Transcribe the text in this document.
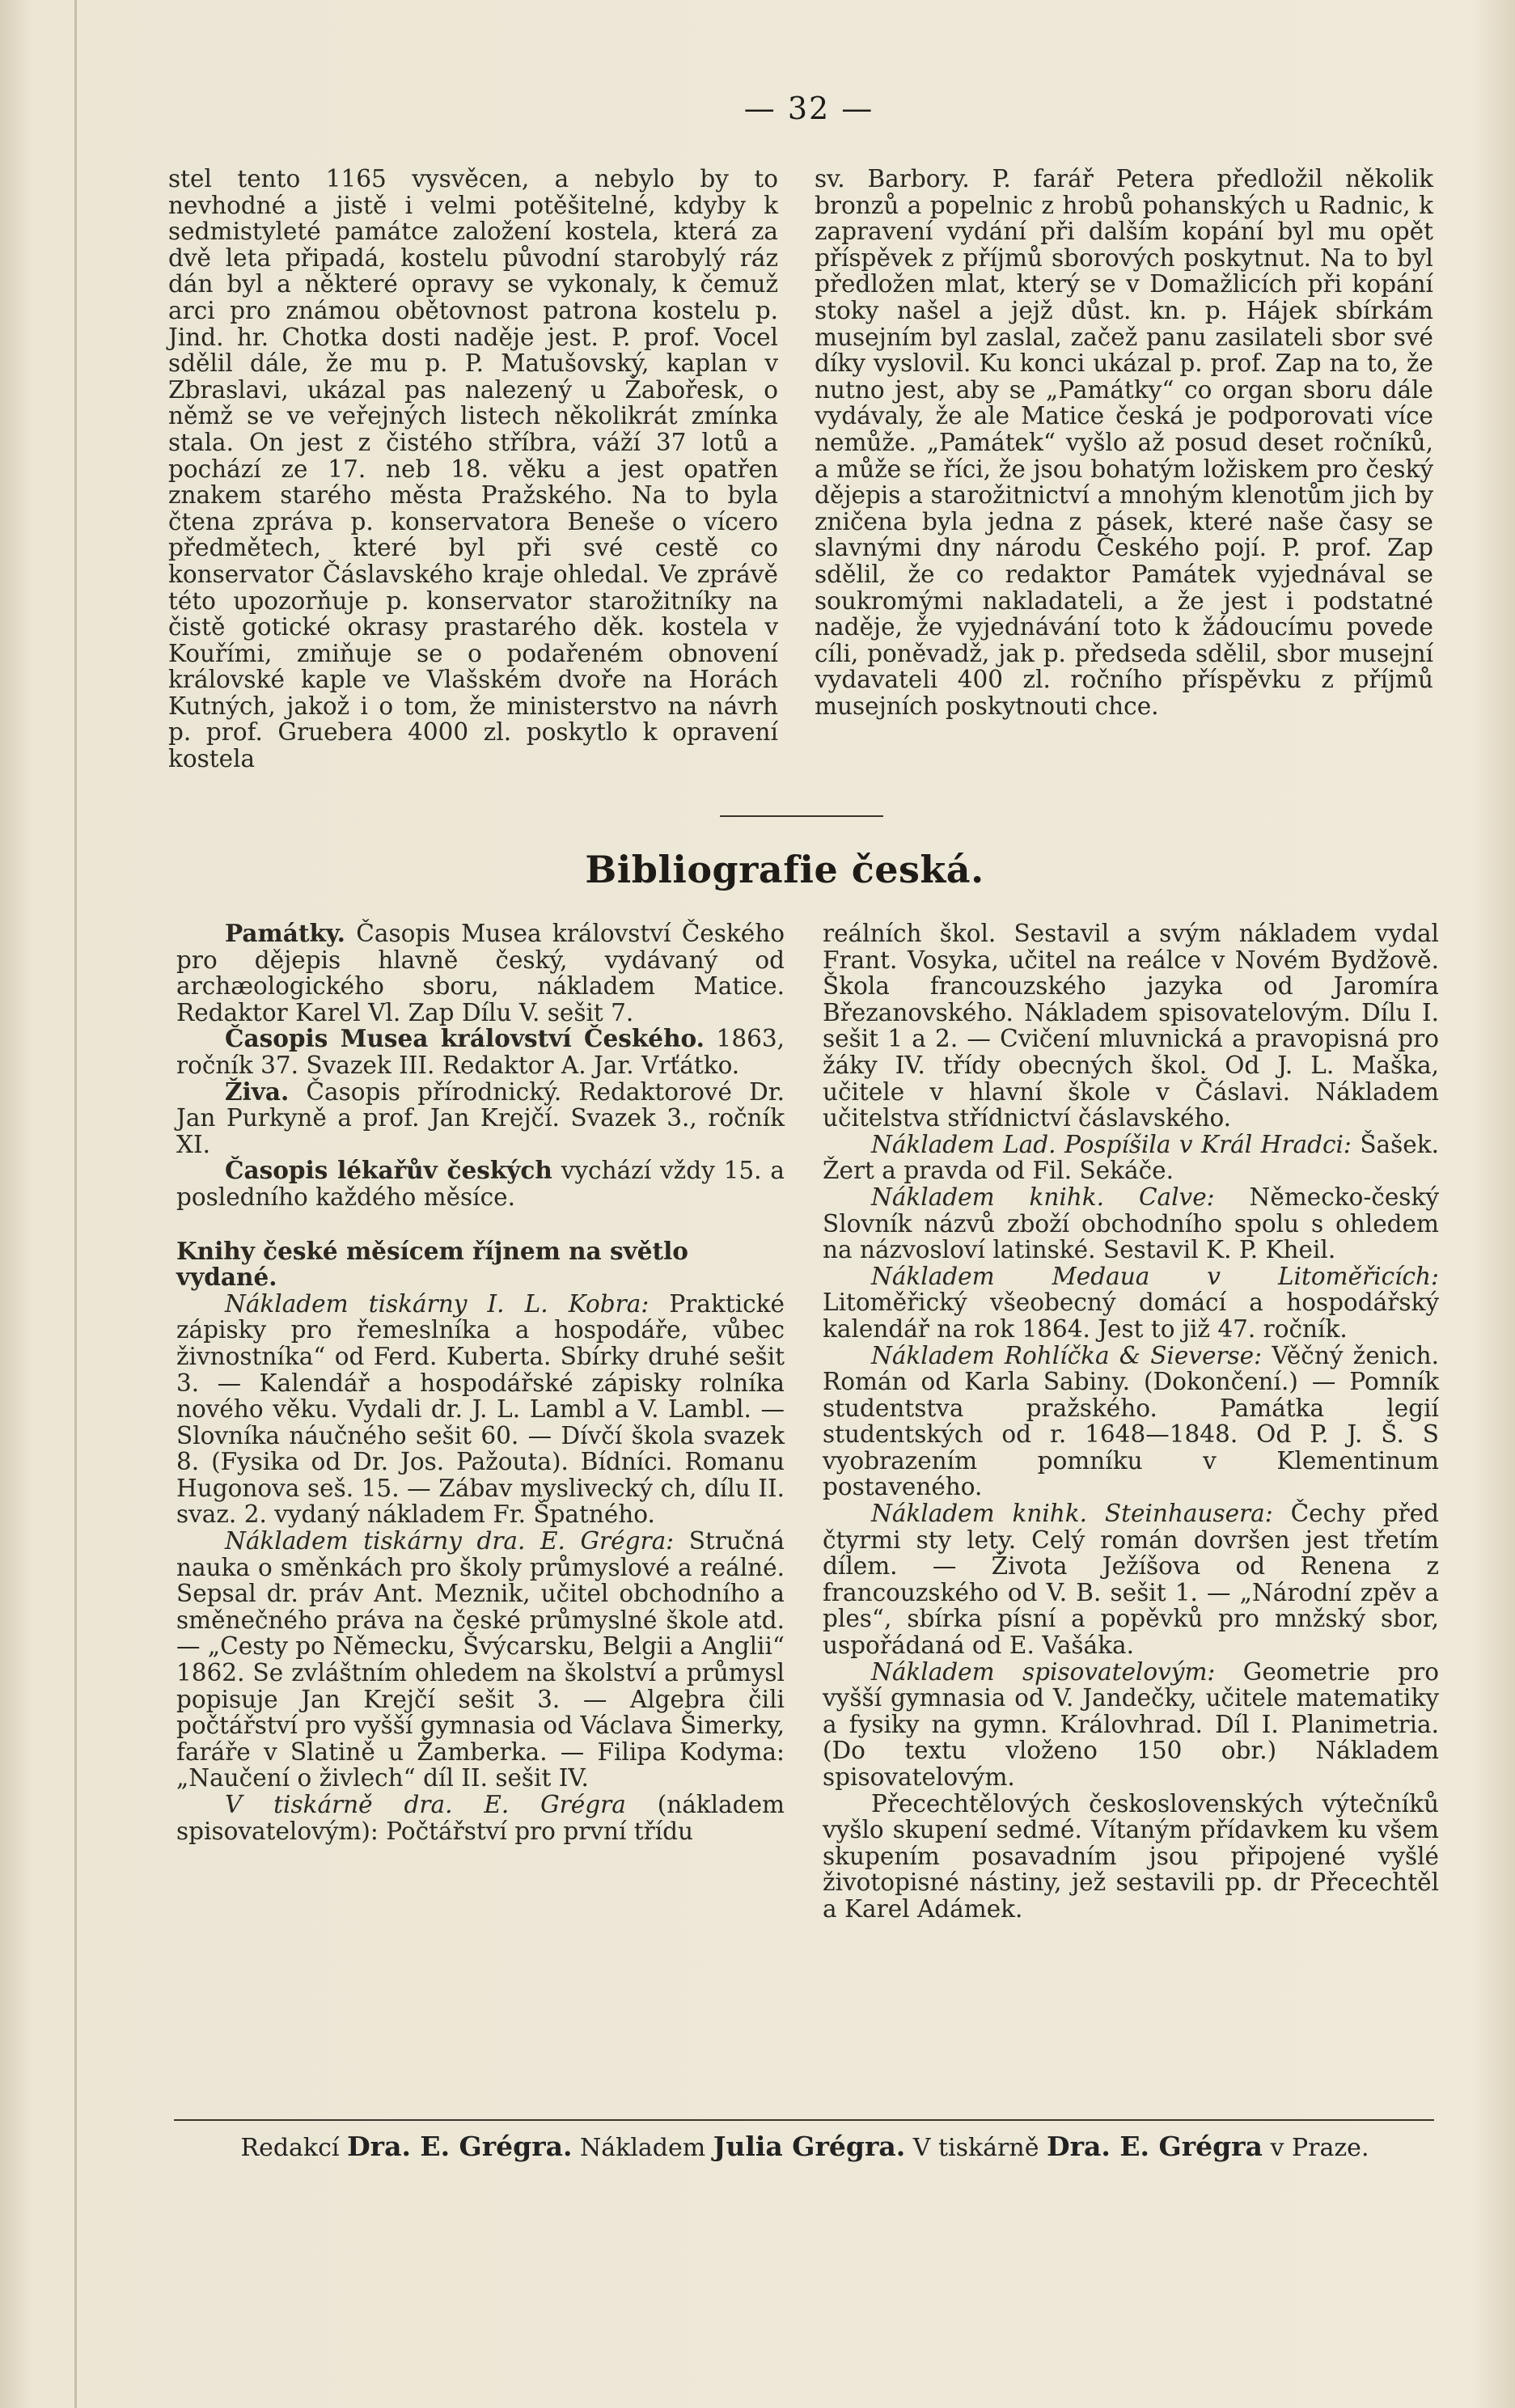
— 32 —

stel tento 1165 vysvěcen, a nebylo by to nevhodné a jistě i velmi potěšitelné, kdyby k sedmistyleté památce založení kostela, která za dvě leta připadá, kostelu původní starobylý ráz dán byl a některé opravy se vykonaly, k čemuž arci pro známou obětovnost patrona kostelu p. Jind. hr. Chotka dosti naděje jest. P. prof. Vocel sdělil dále, že mu p. P. Matušovský, kaplan v Zbraslavi, ukázal pas nalezený u Žabořesk, o němž se ve veřejných listech několikrát zmínka stala. On jest z čistého stříbra, váží 37 lotů a pochází ze 17. neb 18. věku a jest opatřen znakem starého města Pražského. Na to byla čtena zpráva p. konservatora Beneše o vícero předmětech, které byl při své cestě co konservator Čáslavského kraje ohledal. Ve zprávě této upozorňuje p. konservator starožitníky na čistě gotické okrasy prastarého děk. kostela v Kouřími, zmiňuje se o podařeném obnovení královské kaple ve Vlašském dvoře na Horách Kutných, jakož i o tom, že ministerstvo na návrh p. prof. Gruebera 4000 zl. poskytlo k opravení kostela

sv. Barbory. P. farář Petera předložil několik bronzů a popelnic z hrobů pohanských u Radnic, k zapravení vydání při dalším kopání byl mu opět příspěvek z příjmů sborových poskytnut. Na to byl předložen mlat, který se v Domažlicích při kopání stoky našel a jejž důst. kn. p. Hájek sbírkám musejním byl zaslal, začež panu zasilateli sbor své díky vyslovil. Ku konci ukázal p. prof. Zap na to, že nutno jest, aby se „Památky“ co organ sboru dále vydávaly, že ale Matice česká je podporovati více nemůže. „Památek“ vyšlo až posud deset ročníků, a může se říci, že jsou bohatým ložiskem pro český dějepis a starožitnictví a mnohým klenotům jich by zničena byla jedna z pásek, které naše časy se slavnými dny národu Českého pojí. P. prof. Zap sdělil, že co redaktor Památek vyjednával se soukromými nakladateli, a že jest i podstatné naděje, že vyjednávání toto k žádoucímu povede cíli, poněvadž, jak p. předseda sdělil, sbor musejní vydavateli 400 zl. ročního příspěvku z příjmů musejních poskytnouti chce.

Bibliografie česká.

Památky. Časopis Musea království Českého pro dějepis hlavně český, vydávaný od archæologického sboru, nákladem Matice. Redaktor Karel Vl. Zap Dílu V. sešit 7.

Časopis Musea království Českého. 1863, ročník 37. Svazek III. Redaktor A. Jar. Vrťátko.

Živa. Časopis přírodnický. Redaktorové Dr. Jan Purkyně a prof. Jan Krejčí. Svazek 3., ročník XI.

Časopis lékařův českých vychází vždy 15. a posledního každého měsíce.

Knihy české měsícem říjnem na světlo vydané.

Nákladem tiskárny I. L. Kobra: Praktické zápisky pro řemeslníka a hospodáře, vůbec živnostníka“ od Ferd. Kuberta. Sbírky druhé sešit 3. — Kalendář a hospodářské zápisky rolníka nového věku. Vydali dr. J. L. Lambl a V. Lambl. — Slovníka náučného sešit 60. — Dívčí škola svazek 8. (Fysika od Dr. Jos. Pažouta). Bídníci. Romanu Hugonova seš. 15. — Zábav myslivecký ch, dílu II. svaz. 2. vydaný nákladem Fr. Špatného.

Nákladem tiskárny dra. E. Grégra: Stručná nauka o směnkách pro školy průmyslové a reálné. Sepsal dr. práv Ant. Meznik, učitel obchodního a směnečného práva na české průmyslné škole atd. — „Cesty po Německu, Švýcarsku, Belgii a Anglii“ 1862. Se zvláštním ohledem na školství a průmysl popisuje Jan Krejčí sešit 3. — Algebra čili počtářství pro vyšší gymnasia od Václava Šimerky, faráře v Slatině u Žamberka. — Filipa Kodyma: „Naučení o živlech“ díl II. sešit IV.

V tiskárně dra. E. Grégra (nákladem spisovatelovým): Počtářství pro první třídu

reálních škol. Sestavil a svým nákladem vydal Frant. Vosyka, učitel na reálce v Novém Bydžově. Škola francouzského jazyka od Jaromíra Březanovského. Nákladem spisovatelovým. Dílu I. sešit 1 a 2. — Cvičení mluvnická a pravopisná pro žáky IV. třídy obecných škol. Od J. L. Maška, učitele v hlavní škole v Čáslavi. Nákladem učitelstva střídnictví čáslavského.

Nákladem Lad. Pospíšila v Král Hradci: Šašek. Žert a pravda od Fil. Sekáče.

Nákladem knihk. Calve: Německo-český Slovník názvů zboží obchodního spolu s ohledem na názvosloví latinské. Sestavil K. P. Kheil.

Nákladem Medaua v Litoměřicích: Litoměřický všeobecný domácí a hospodářský kalendář na rok 1864. Jest to již 47. ročník.

Nákladem Rohlíčka & Sieverse: Věčný ženich. Román od Karla Sabiny. (Dokončení.) — Pomník studentstva pražského. Památka legií studentských od r. 1648—1848. Od P. J. Š. S vyobrazením pomníku v Klementinum postaveného.

Nákladem knihk. Steinhausera: Čechy před čtyrmi sty lety. Celý román dovršen jest třetím dílem. — Života Ježíšova od Renena z francouzského od V. B. sešit 1. — „Národní zpěv a ples“, sbírka písní a popěvků pro mnžský sbor, uspořádaná od E. Vašáka.

Nákladem spisovatelovým: Geometrie pro vyšší gymnasia od V. Jandečky, učitele matematiky a fysiky na gymn. Královhrad. Díl I. Planimetria. (Do textu vloženo 150 obr.) Nákladem spisovatelovým.

Přecechtělových československých výtečníků vyšlo skupení sedmé. Vítaným přídavkem ku všem skupením posavadním jsou připojené vyšlé životopisné nástiny, jež sestavili pp. dr Přecechtěl a Karel Adámek.

Redakcí Dra. E. Grégra. Nákladem Julia Grégra. V tiskárně Dra. E. Grégra v Praze.
